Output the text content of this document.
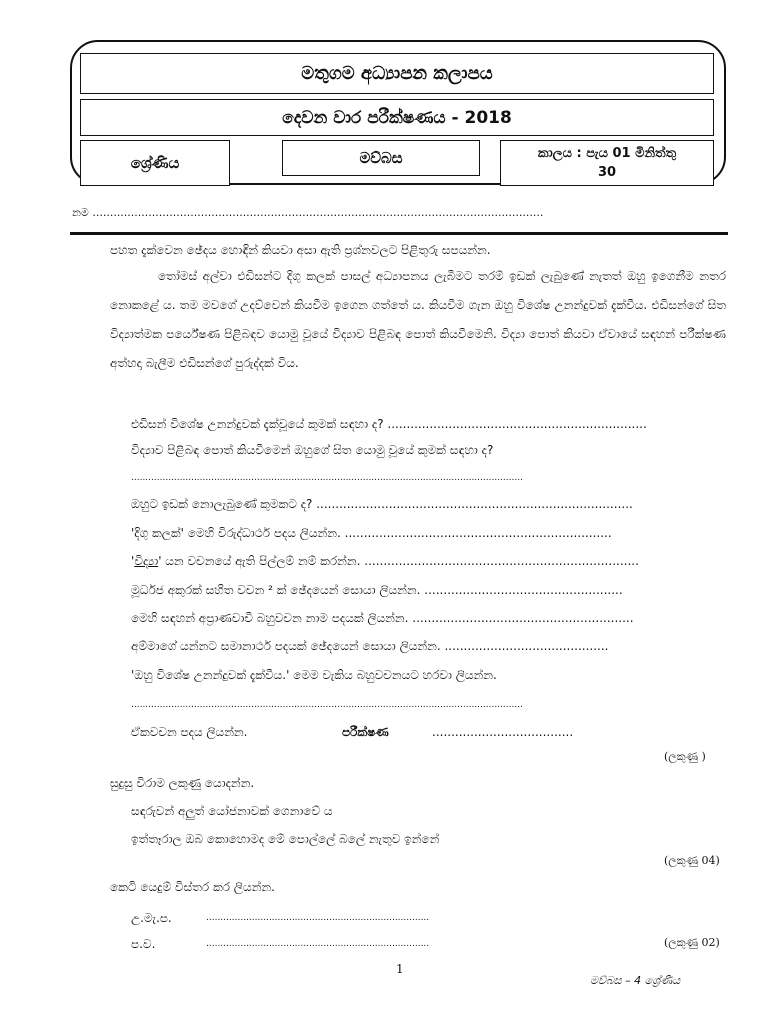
මතුගම අධ්‍යාපන කලාපය
දෙවන වාර පරීක්ෂණය - 2018
ශ්‍රේණිය	මව්බස	කාලය : පැය 01 මිනිත්තු
30
නම .................................................................................................................................
පහත දැක්වෙන ඡේදය හොඳින් කියවා අසා ඇති ප්‍රශ්නවලට පිළිතුරු සපයන්න.
තෝමස් අල්වා එඩිසන්ට දිගු කලක් පාසල් අධ්‍යාපනය ලැබීමට තරම් ඉඩක් ලැබුණේ නැතත් ඔහු ඉගෙනීම නතර නොකළේ ය. තම මවගේ උදව්වෙන් කියවීම ඉගෙන ගත්තේ ය. කියවීම ගැන ඔහු විශේෂ උනන්දුවක් දැක්වීය. එඩිසන්ගේ සිත විද්‍යාත්මක පර්යේෂණ පිළිබඳව යොමු වූයේ විද්‍යාව පිළිබඳ පොත් කියවීමෙනි. විද්‍යා පොත් කියවා ඒවායේ සඳහන් පරීක්ෂණ අත්හදා බැලීම එඩිසන්ගේ පුරුද්දක් විය.
එඩිසන් විශේෂ උනන්දුවක් දැක්වූයේ කුමක් සඳහා ද? ....................................................................
විද්‍යාව පිළිබඳ පොත් කියවීමෙන් ඔහුගේ සිත යොමු වූයේ කුමක් සඳහා ද?
.........................................................................................................................................
ඔහුට ඉඩක් නොලැබුණේ කුමකට ද? ...................................................................................
'දිගු කලක්' මෙහි විරුද්ධාර්ථ පදය ලියන්න. ......................................................................
'විද්‍යා' යන වචනයේ ඇති පිල්ලම් නම් කරන්න. ........................................................................
මූර්ධජ අකුරක් සහිත වචන ² ක් ඡේදයෙන් සොයා ලියන්න. ....................................................
මෙහි සඳහන් අප්‍රාණවාචී බහුවචන නාම පදයක් ලියන්න. ..........................................................
අම්මාගේ යන්නට සමානාර්ථ පදයක් ඡේදයෙන් සොයා ලියන්න. ...........................................
'ඔහු විශේෂ උනන්දුවක් දැක්වීය.' මෙම වැකිය බහුවචනයට හරවා ලියන්න.
.........................................................................................................................................
ඒකවචන පදය ලියන්න.	පරීක්ෂණ	.....................................
(ලකුණු )
සුදුසු විරාම ලකුණු යොදන්න.
සඳරුවන් අලුත් යෝජනාවක් ගෙනාවේ ය
ඉත්තෑරාල ඔබ කොහොමද මේ පොල්ලේ බලේ නැතුව ඉන්නේ
(ලකුණු 04)
කෙටි යෙදුම් විස්තර කර ලියන්න.
උ.මැ.ප.	..............................................................................
ප.ව.	..............................................................................	(ලකුණු 02)
1
මව්බස – 4 ශ්‍රේණිය
